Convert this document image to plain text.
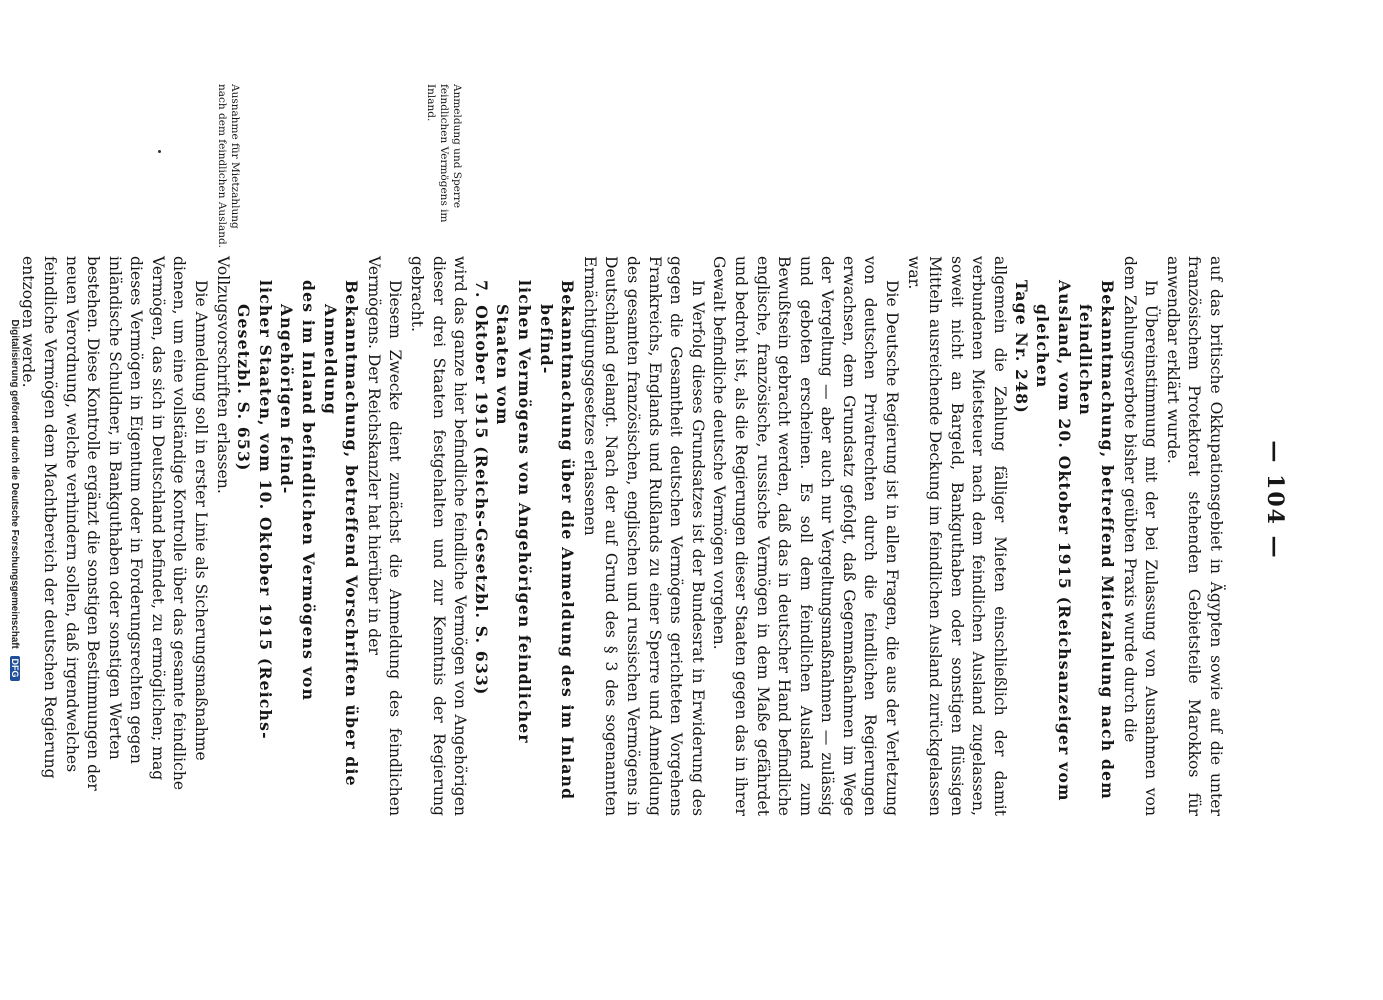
— 104 —
Ausnahme für Mietzahlung nach dem feindlichen Ausland.	Anmeldung und Sperre feindlichen Vermögens im Inland.

auf das britische Okkupationsgebiet in Ägypten sowie auf die unter französischem Protektorat stehenden Gebietsteile Marokkos für anwendbar erklärt wurde.

In Übereinstimmung mit der bei Zulassung von Ausnahmen von dem Zahlungsverbote bisher geübten Praxis wurde durch die

Bekanntmachung, betreffend Mietzahlung nach dem feindlichen
Ausland, vom 20. Oktober 1915 (Reichsanzeiger vom gleichen
Tage Nr. 248)

allgemein die Zahlung fälliger Mieten einschließlich der damit verbundenen Mietsteuer nach dem feindlichen Ausland zugelassen, soweit nicht an Bargeld, Bankguthaben oder sonstigen flüssigen Mitteln ausreichende Deckung im feindlichen Ausland zurückgelassen war.

Die Deutsche Regierung ist in allen Fragen, die aus der Verletzung von deutschen Privatrechten durch die feindlichen Regierungen erwachsen, dem Grundsatz gefolgt, daß Gegenmaßnahmen im Wege der Vergeltung — aber auch nur Vergeltungsmaßnahmen — zulässig und geboten erscheinen. Es soll dem feindlichen Ausland zum Bewußtsein gebracht werden, daß das in deutscher Hand befindliche englische, französische, russische Vermögen in dem Maße gefährdet und bedroht ist, als die Regierungen dieser Staaten gegen das in ihrer Gewalt befindliche deutsche Vermögen vorgehen.

In Verfolg dieses Grundsatzes ist der Bundesrat in Erwiderung des gegen die Gesamtheit deutschen Vermögens gerichteten Vorgehens Frankreichs, Englands und Rußlands zu einer Sperre und Anmeldung des gesamten französischen, englischen und russischen Vermögens in Deutschland gelangt. Nach der auf Grund des § 3 des sogenannten Ermächtigungsgesetzes erlassenen

Bekanntmachung über die Anmeldung des im Inland befind-
lichen Vermögens von Angehörigen feindlicher Staaten vom
7. Oktober 1915 (Reichs-Gesetzbl. S. 633)

wird das ganze hier befindliche feindliche Vermögen von Angehörigen dieser drei Staaten festgehalten und zur Kenntnis der Regierung gebracht.

Diesem Zwecke dient zunächst die Anmeldung des feindlichen Vermögens. Der Reichskanzler hat hierüber in der

Bekanntmachung, betreffend Vorschriften über die Anmeldung
des im Inland befindlichen Vermögens von Angehörigen feind-
licher Staaten, vom 10. Oktober 1915 (Reichs-Gesetzbl. S. 653)

Vollzugsvorschriften erlassen.

Die Anmeldung soll in erster Linie als Sicherungsmaßnahme dienen, um eine vollständige Kontrolle über das gesamte feindliche Vermögen, das sich in Deutschland befindet, zu ermöglichen; mag dieses Vermögen in Eigentum oder in Forderungsrechten gegen inländische Schuldner, in Bankguthaben oder sonstigen Werten bestehen. Diese Kontrolle ergänzt die sonstigen Bestimmungen der neuen Verordnung, welche verhindern sollen, daß irgendwelches feindliche Vermögen dem Machtbereich der deutschen Regierung entzogen werde.

Digitalisierung gefördert durch die Deutsche Forschungsgemeinschaft DFG
